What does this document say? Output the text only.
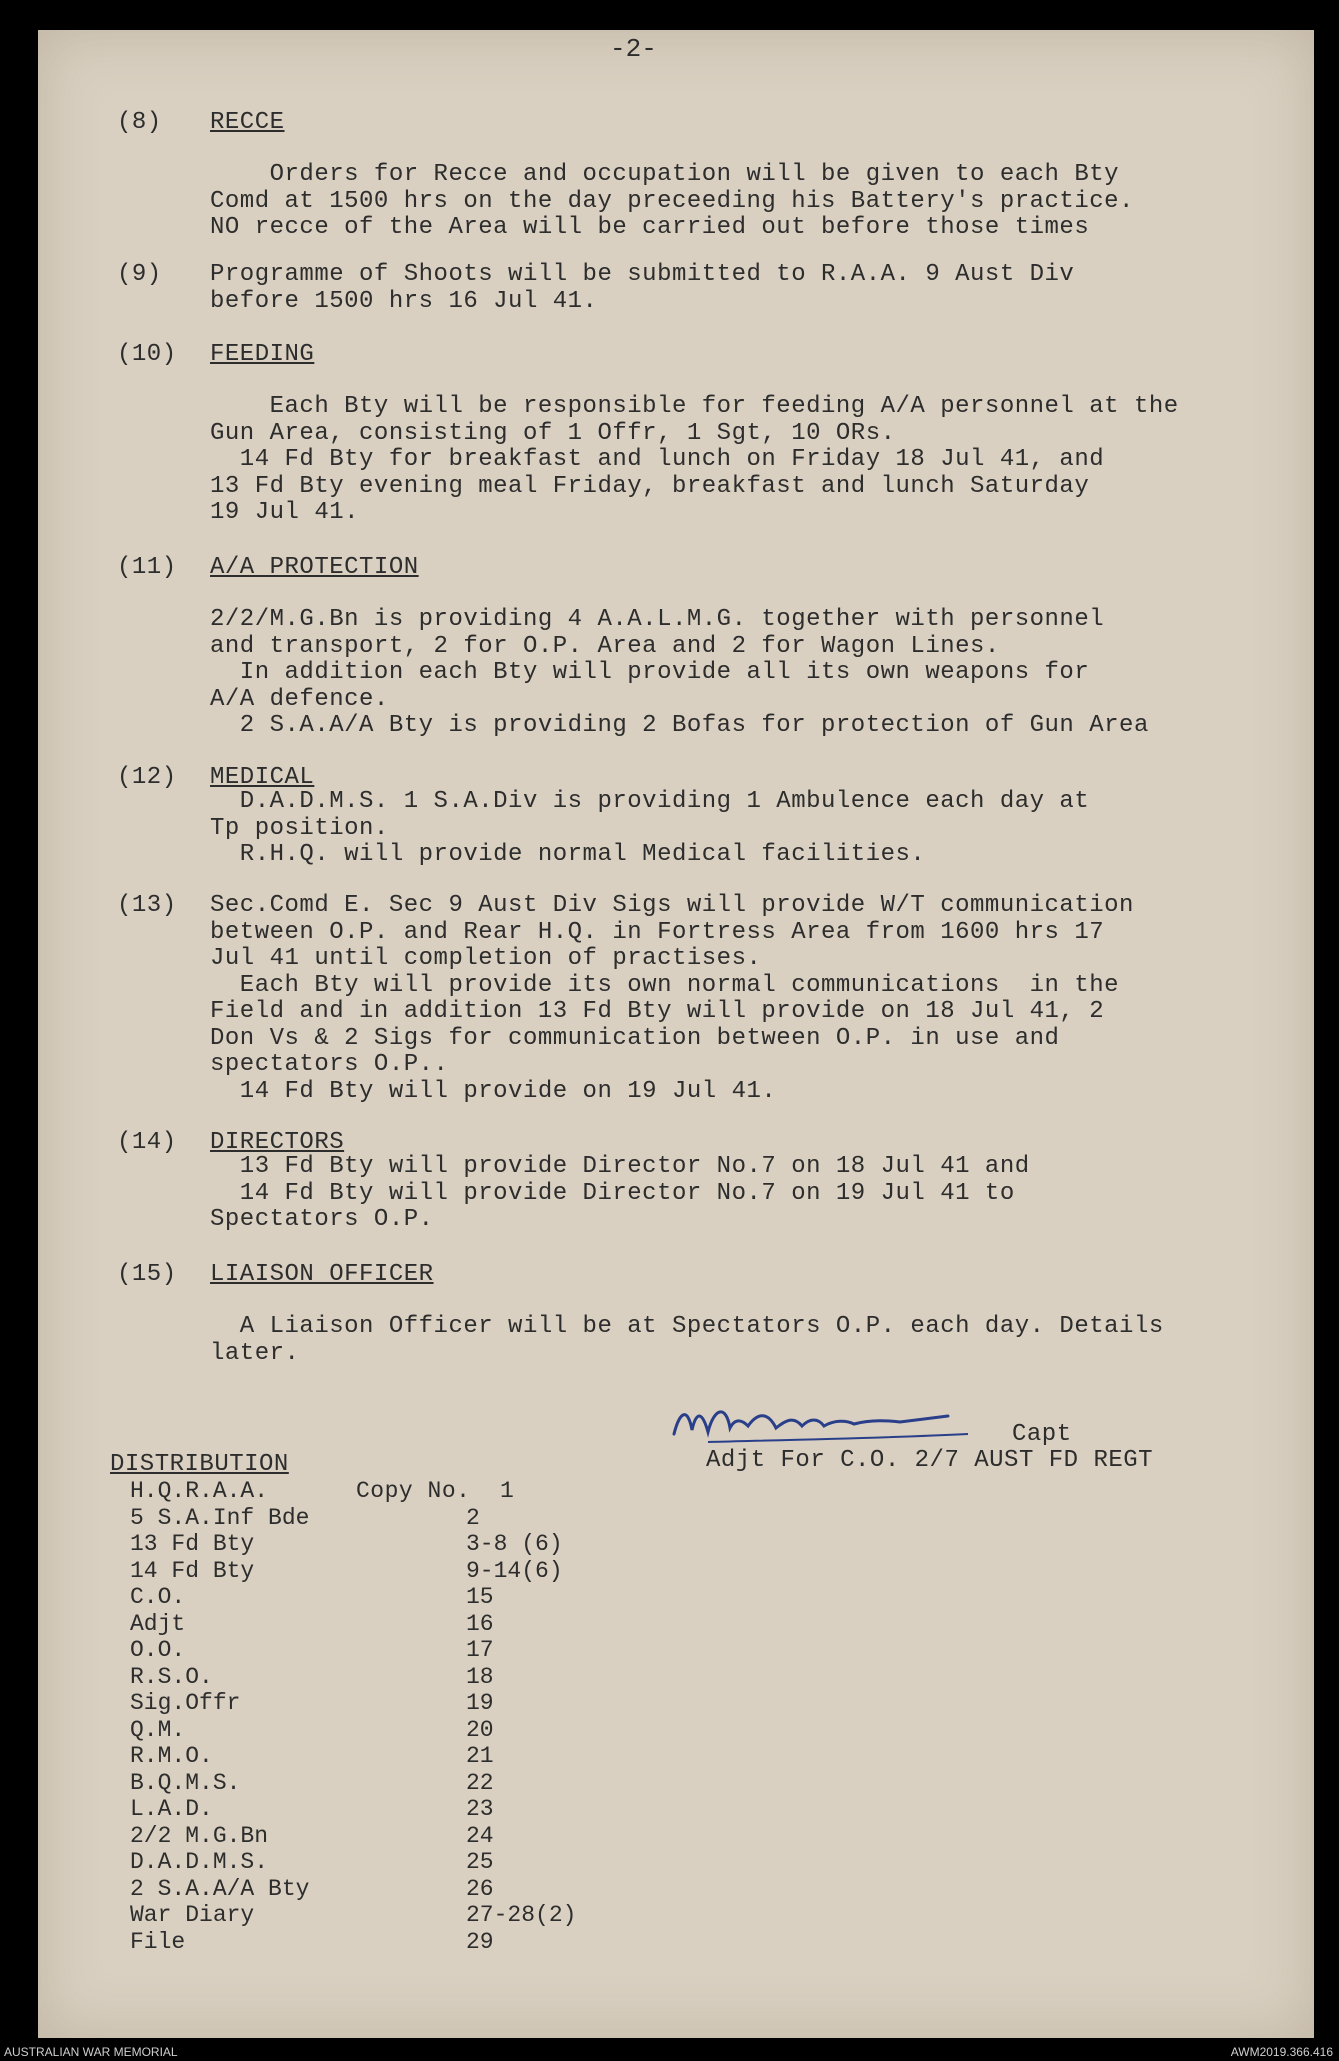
-2-
(8) RECCE
Orders for Recce and occupation will be given to each Bty
Comd at 1500 hrs on the day preceeding his Battery's practice.
NO recce of the Area will be carried out before those times
(9) Programme of Shoots will be submitted to R.A.A. 9 Aust Div
before 1500 hrs 16 Jul 41.
(10) FEEDING
Each Bty will be responsible for feeding A/A personnel at the
Gun Area, consisting of 1 Offr, 1 Sgt, 10 ORs.
14 Fd Bty for breakfast and lunch on Friday 18 Jul 41, and
13 Fd Bty evening meal Friday, breakfast and lunch Saturday
19 Jul 41.
(11) A/A PROTECTION
2/2/M.G.Bn is providing 4 A.A.L.M.G. together with personnel
and transport, 2 for O.P. Area and 2 for Wagon Lines.
In addition each Bty will provide all its own weapons for
A/A defence.
2 S.A.A/A Bty is providing 2 Bofas for protection of Gun Area
(12) MEDICAL
D.A.D.M.S. 1 S.A.Div is providing 1 Ambulence each day at
Tp position.
R.H.Q. will provide normal Medical facilities.
(13) Sec.Comd E. Sec 9 Aust Div Sigs will provide W/T communication
between O.P. and Rear H.Q. in Fortress Area from 1600 hrs 17
Jul 41 until completion of practises.
Each Bty will provide its own normal communications  in the
Field and in addition 13 Fd Bty will provide on 18 Jul 41, 2
Don Vs & 2 Sigs for communication between O.P. in use and
spectators O.P..
14 Fd Bty will provide on 19 Jul 41.
(14) DIRECTORS
13 Fd Bty will provide Director No.7 on 18 Jul 41 and
14 Fd Bty will provide Director No.7 on 19 Jul 41 to
Spectators O.P.
(15) LIAISON OFFICER
A Liaison Officer will be at Spectators O.P. each day. Details
later.
Capt
Adjt For C.O. 2/7 AUST FD REGT
DISTRIBUTION
Copy No.
H.Q.R.A.A.	1
5 S.A.Inf Bde	2
13 Fd Bty	3-8 (6)
14 Fd Bty	9-14(6)
C.O.	15
Adjt	16
O.O.	17
R.S.O.	18
Sig.Offr	19
Q.M.	20
R.M.O.	21
B.Q.M.S.	22
L.A.D.	23
2/2 M.G.Bn	24
D.A.D.M.S.	25
2 S.A.A/A Bty	26
War Diary	27-28(2)
File	29
AUSTRALIAN WAR MEMORIAL	AWM2019.366.416
